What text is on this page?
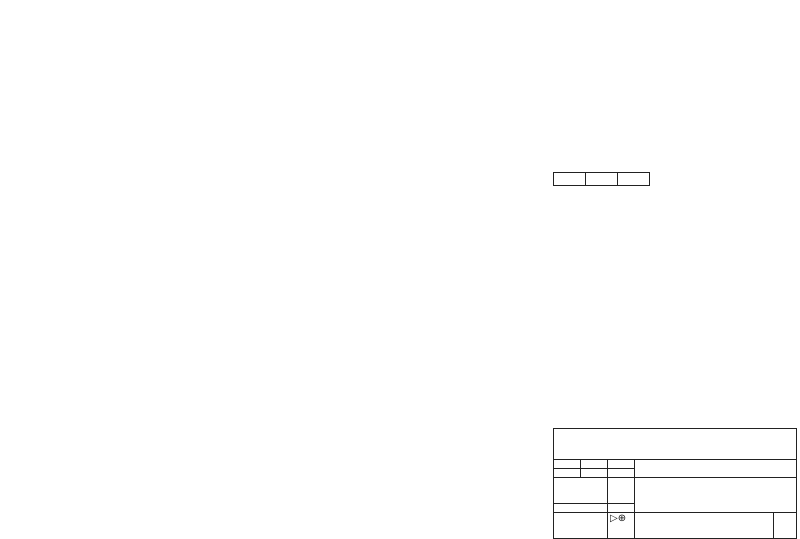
		▷⊕		
